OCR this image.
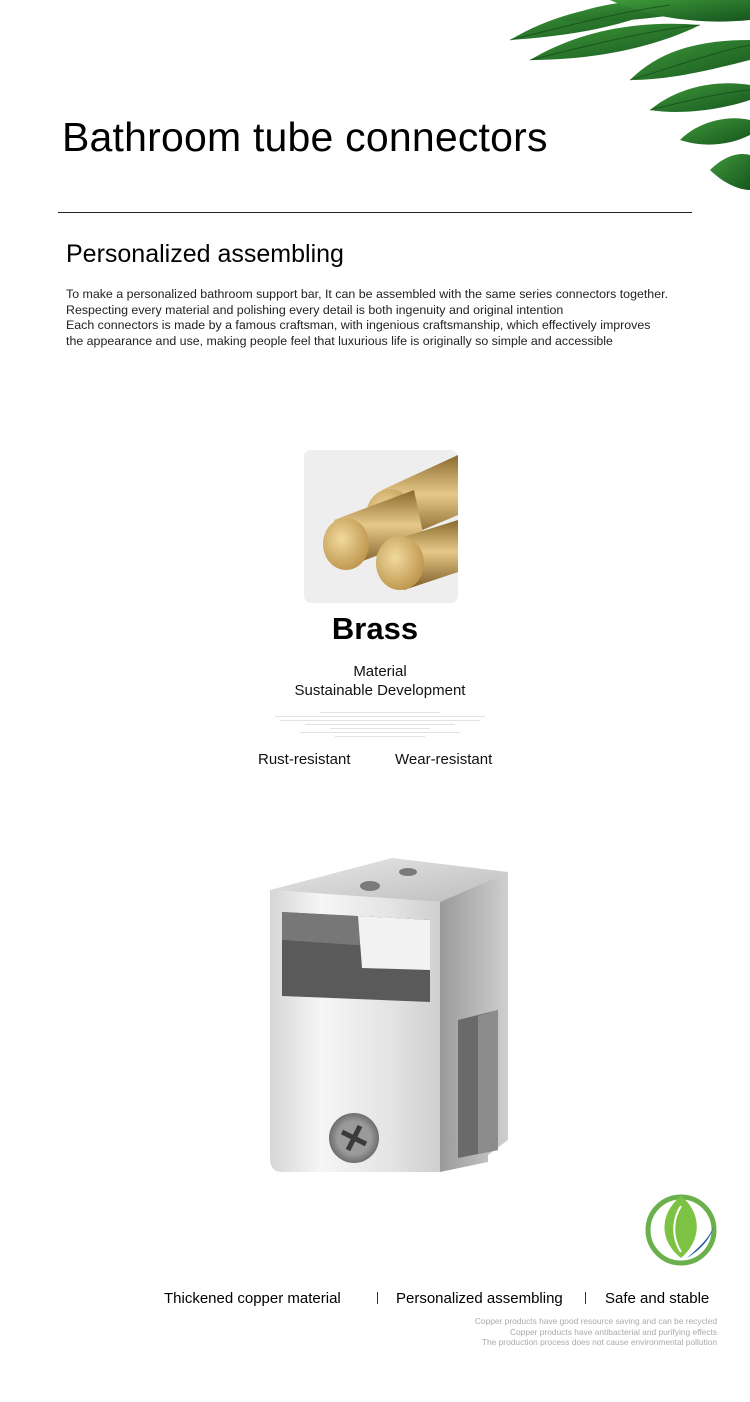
Bathroom tube connectors
Personalized assembling
To make a personalized bathroom support bar, It can be assembled with the same series connectors together.
Respecting every material and polishing every detail is both ingenuity and original intention
Each connectors is made by a famous craftsman, with ingenious craftsmanship, which effectively improves
the appearance and use, making people feel that luxurious life is originally so simple and accessible
Brass
Material
Sustainable Development
Rust-resistant	Wear-resistant
Thickened copper material	Personalized assembling	Safe and stable
Copper products have good resource saving and can be recycled
Copper products have antibacterial and purifying effects
The production process does not cause environmental pollution
